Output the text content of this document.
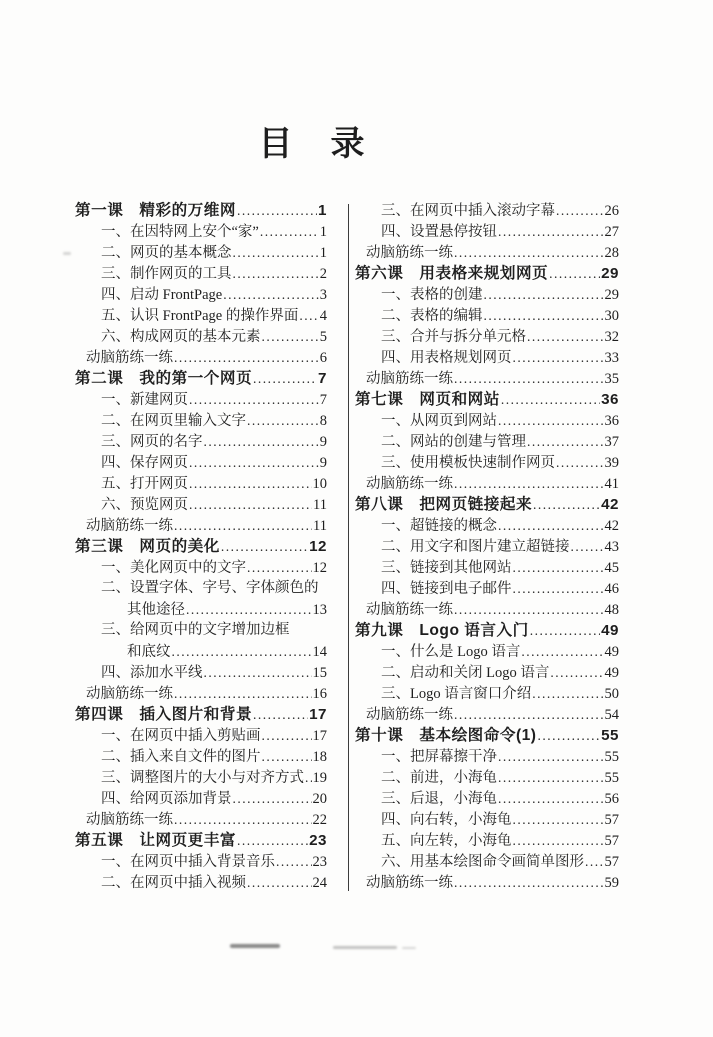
目　录
第一课　精彩的万维网 .....	1
一、在因特网上安个“家” .....	1
二、网页的基本概念 .....	1
三、制作网页的工具 .....	2
四、启动 FrontPage .....	3
五、认识 FrontPage 的操作界面 ..... 4
六、构成网页的基本元素 .....	5
动脑筋练一练 .....	6
第二课　我的第一个网页 .....	7
一、新建网页 .....	7
二、在网页里输入文字 .....	8
三、网页的名字 .....	9
四、保存网页 .....	9
五、打开网页 .....	10
六、预览网页 .....	11
动脑筋练一练 .....	11
第三课　网页的美化 .....	12
一、美化网页中的文字 .....	12
二、设置字体、字号、字体颜色的
其他途径 .....	13
三、给网页中的文字增加边框
和底纹 .....	14
四、添加水平线 .....	15
动脑筋练一练 .....	16
第四课　插入图片和背景 .....	17
一、在网页中插入剪贴画 .....	17
二、插入来自文件的图片 .....	18
三、调整图片的大小与对齐方式 ..... 19
四、给网页添加背景 .....	20
动脑筋练一练 .....	22
第五课　让网页更丰富 .....	23
一、在网页中插入背景音乐 .....	23
二、在网页中插入视频 .....	24
三、在网页中插入滚动字幕 .....	26
四、设置悬停按钮 .....	27
动脑筋练一练 .....	28
第六课　用表格来规划网页 .....	29
一、表格的创建 .....	29
二、表格的编辑 .....	30
三、合并与拆分单元格 .....	32
四、用表格规划网页 .....	33
动脑筋练一练 .....	35
第七课　网页和网站 .....	36
一、从网页到网站 .....	36
二、网站的创建与管理 .....	37
三、使用模板快速制作网页 .....	39
动脑筋练一练 .....	41
第八课　把网页链接起来 .....	42
一、超链接的概念 .....	42
二、用文字和图片建立超链接 ..... 43
三、链接到其他网站 .....	45
四、链接到电子邮件 .....	46
动脑筋练一练 .....	48
第九课　Logo 语言入门 .....	49
一、什么是 Logo 语言 .....	49
二、启动和关闭 Logo 语言 .....	49
三、Logo 语言窗口介绍 .....	50
动脑筋练一练 .....	54
第十课　基本绘图命令(1) .....	55
一、把屏幕擦干净 .....	55
二、前进，小海龟 .....	55
三、后退，小海龟 .....	56
四、向右转，小海龟 .....	57
五、向左转，小海龟 .....	57
六、用基本绘图命令画简单图形 ..... 57
动脑筋练一练 .....	59
